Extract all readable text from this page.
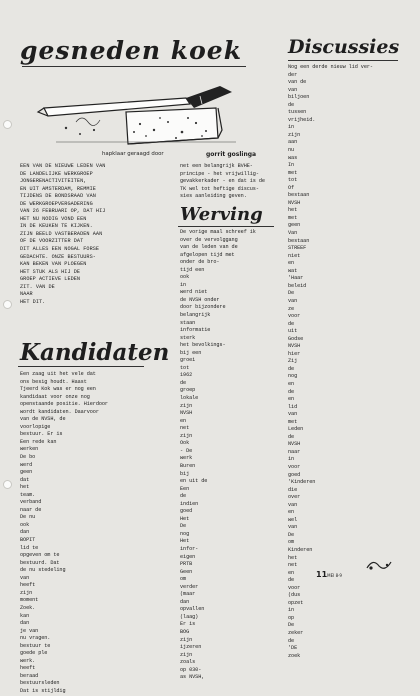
gesneden koek
hapklaar geraagd door	gorrit goslinga
EEN VAN DE NIEUWE LEDEN VAN
DE LANDELIJKE WERKGROEP
JONGERENACTIVITEITEN,
EN UIT AMSTERDAM, REMMIE
TIJDENS DE BONDSRAAD VAN
DE WERKGROEPVERGADERING
VAN 26 FEBRUARI OP, DAT HIJ
HET NU NODIG VOND EEN
IN DE KEUKEN TE KIJKEN.
ZIJN BEELD VASTBERADEN AAN
OF DE VOORZITTER DAT
DIT ALLES EEN NOGAL FORSE
GEDACHTE. ONZE BESTUURS-
KAN BEKEN VAN PLOEGEN
HET STUK ALS HIJ DE
GROEP ACTIEVE LEDEN
ZIT. VAN DE
NAAR
HET DIT.
net een belangrijk BVHE-
principe - het vrijwillig-
gevakkerkader - en dat is de
TK wel tot heftige discus-
sies aanleiding geven.
Kandidaten
Een zaag uit het vele dat
ons besig houdt. Haast
Tjeerd Kok was er nog een
kandidaat voor onze nog
openstaande positie. Hierdoor
wordt kandidaten. Daarvoor
van de NVSH, de
voorlopige
bestuur. Er is
Een rede kan
werken
De bo
werd
geen
dat
het
team.
verband
naar de
De nu
ook
dan
BOPIT
lid te
opgeven om te
bestuurd. Dat
de nu stedeling
van
heeft
zijn
moment
Zoek.
kan
dan
je van
nu vragen.
bestuur te
goede ple
werk.
heeft
beraad
bestuursleden
Dat is stijldig
Werving
De vorige maal schreef ik
over de vervolggang
van de leden van de
afgelopen tijd met
onder de bro-
tijd een
ook
in
werd niet
de NVSH onder
door bijzondere
belangrijk
staan
informatie
sterk
het bevolkings-
bij een
groei
tot
1962
de
groep
lokale
zijn
NVSH
en
net
zijn
Ook
- De
werk
Buren
bij
en uit de
Een
de
indien
goed
Het
De
nog
Het
infor-
eigen
PRTB
Geen
om
verder
(maar
dan
opvallen
(laag)
Er is
BOG
zijn
ijzeren
zijn
zoals
op 030-
as NVSH,
Discussies
Nog een derde nieuw lid ver-
der
van de
van
biljoen
de
tussen
vrijheid.
in
zijn
aan
nu
was
In
met
tot
Of
bestaan
NVSH
het
met
geen
Van
bestaan
STREEF
niet
en
wat
'Haar
beleid
De
van
ze
voor
de
uit
Godse
NVSH
hier
Zij
de
nog
en
de
en
lid
van
met
Leden
de
NVSH
naar
in
voor
goed
'Kinderen
die
over
van
en
wel
van
De
om
Kinderen
het
net
en
de
voor
(dus
opzet
in
op
De
zeker
de
'DE
zoek
11MEI 8·9
